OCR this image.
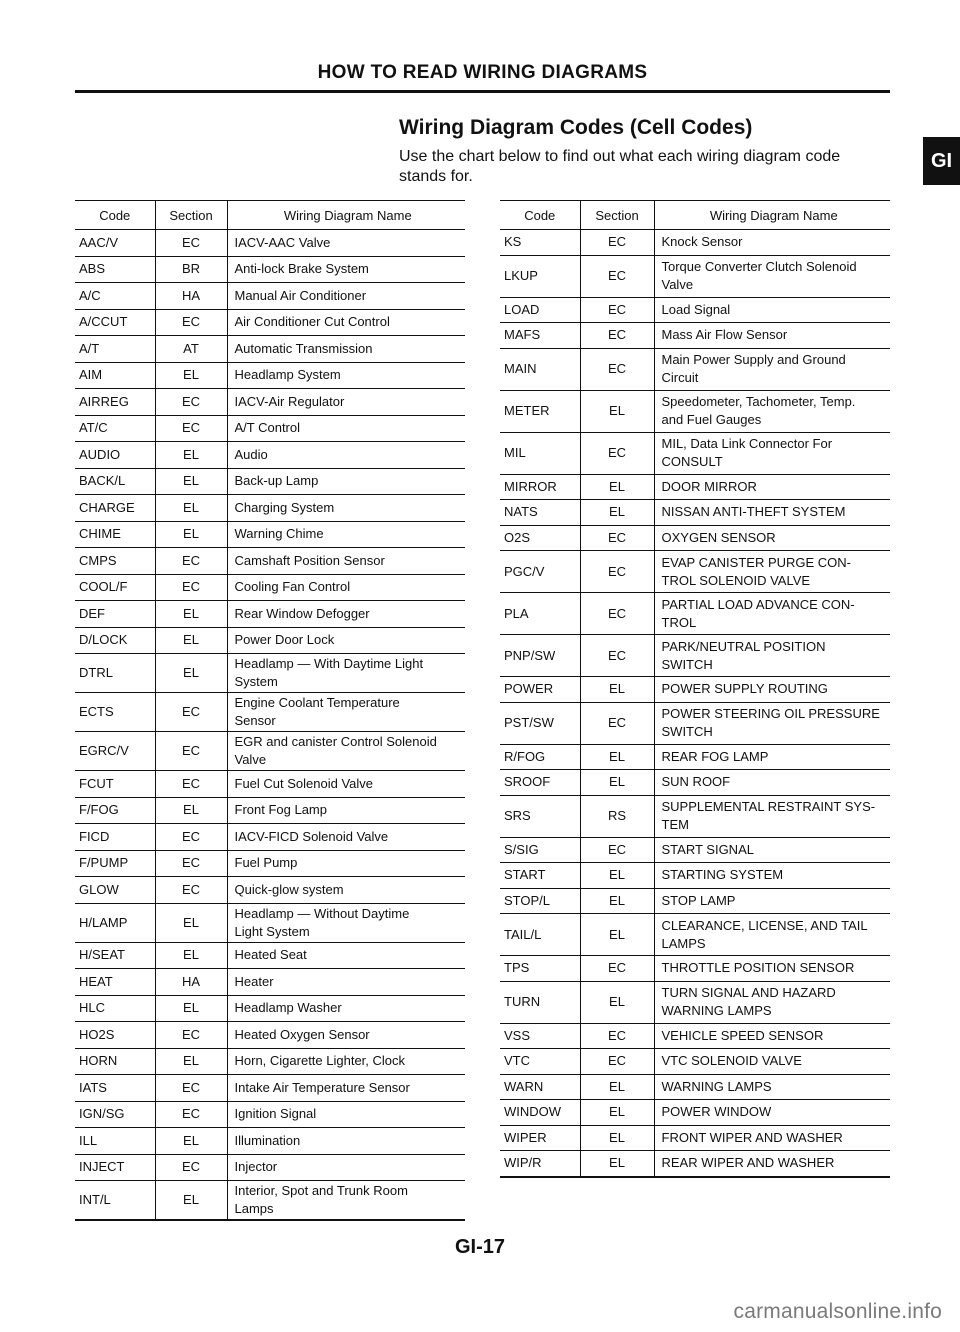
HOW TO READ WIRING DIAGRAMS
Wiring Diagram Codes (Cell Codes)
Use the chart below to find out what each wiring diagram code
stands for.
GI
Code	Section	Wiring Diagram Name
AAC/V	EC	IACV-AAC Valve
ABS	BR	Anti-lock Brake System
A/C	HA	Manual Air Conditioner
A/CCUT	EC	Air Conditioner Cut Control
A/T	AT	Automatic Transmission
AIM	EL	Headlamp System
AIRREG	EC	IACV-Air Regulator
AT/C	EC	A/T Control
AUDIO	EL	Audio
BACK/L	EL	Back-up Lamp
CHARGE	EL	Charging System
CHIME	EL	Warning Chime
CMPS	EC	Camshaft Position Sensor
COOL/F	EC	Cooling Fan Control
DEF	EL	Rear Window Defogger
D/LOCK	EL	Power Door Lock
DTRL	EL	Headlamp — With Daytime Light
System
ECTS	EC	Engine Coolant Temperature
Sensor
EGRC/V	EC	EGR and canister Control Solenoid
Valve
FCUT	EC	Fuel Cut Solenoid Valve
F/FOG	EL	Front Fog Lamp
FICD	EC	IACV-FICD Solenoid Valve
F/PUMP	EC	Fuel Pump
GLOW	EC	Quick-glow system
H/LAMP	EL	Headlamp — Without Daytime
Light System
H/SEAT	EL	Heated Seat
HEAT	HA	Heater
HLC	EL	Headlamp Washer
HO2S	EC	Heated Oxygen Sensor
HORN	EL	Horn, Cigarette Lighter, Clock
IATS	EC	Intake Air Temperature Sensor
IGN/SG	EC	Ignition Signal
ILL	EL	Illumination
INJECT	EC	Injector
INT/L	EL	Interior, Spot and Trunk Room
Lamps
Code	Section	Wiring Diagram Name
KS	EC	Knock Sensor
LKUP	EC	Torque Converter Clutch Solenoid
Valve
LOAD	EC	Load Signal
MAFS	EC	Mass Air Flow Sensor
MAIN	EC	Main Power Supply and Ground
Circuit
METER	EL	Speedometer, Tachometer, Temp.
and Fuel Gauges
MIL	EC	MIL, Data Link Connector For
CONSULT
MIRROR	EL	DOOR MIRROR
NATS	EL	NISSAN ANTI-THEFT SYSTEM
O2S	EC	OXYGEN SENSOR
PGC/V	EC	EVAP CANISTER PURGE CON-
TROL SOLENOID VALVE
PLA	EC	PARTIAL LOAD ADVANCE CON-
TROL
PNP/SW	EC	PARK/NEUTRAL POSITION
SWITCH
POWER	EL	POWER SUPPLY ROUTING
PST/SW	EC	POWER STEERING OIL PRESSURE
SWITCH
R/FOG	EL	REAR FOG LAMP
SROOF	EL	SUN ROOF
SRS	RS	SUPPLEMENTAL RESTRAINT SYS-
TEM
S/SIG	EC	START SIGNAL
START	EL	STARTING SYSTEM
STOP/L	EL	STOP LAMP
TAIL/L	EL	CLEARANCE, LICENSE, AND TAIL
LAMPS
TPS	EC	THROTTLE POSITION SENSOR
TURN	EL	TURN SIGNAL AND HAZARD
WARNING LAMPS
VSS	EC	VEHICLE SPEED SENSOR
VTC	EC	VTC SOLENOID VALVE
WARN	EL	WARNING LAMPS
WINDOW	EL	POWER WINDOW
WIPER	EL	FRONT WIPER AND WASHER
WIP/R	EL	REAR WIPER AND WASHER
GI-17
carmanualsonline.info
